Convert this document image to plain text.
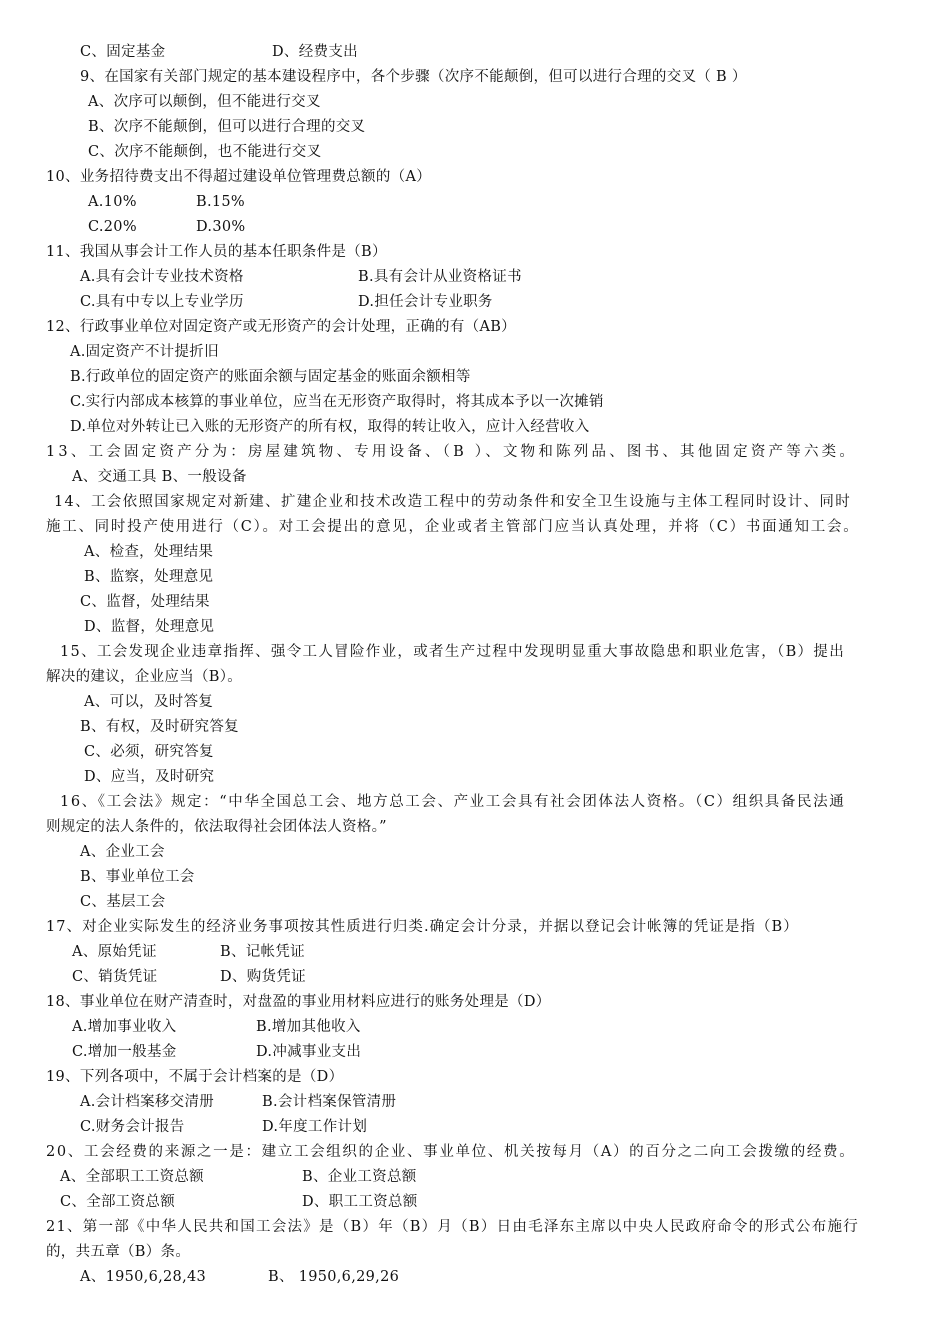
C、固定基金	D、经费支出
9、在国家有关部门规定的基本建设程序中，各个步骤（次序不能颠倒，但可以进行合理的交叉（ B ）
A、次序可以颠倒，但不能进行交叉
B、次序不能颠倒，但可以进行合理的交叉
C、次序不能颠倒，也不能进行交叉
10、业务招待费支出不得超过建设单位管理费总额的（A）
A.10%	B.15%
C.20%	D.30%
11、我国从事会计工作人员的基本任职条件是（B）
A.具有会计专业技术资格	B.具有会计从业资格证书
C.具有中专以上专业学历	D.担任会计专业职务
12、行政事业单位对固定资产或无形资产的会计处理，正确的有（AB）
A.固定资产不计提折旧
B.行政单位的固定资产的账面余额与固定基金的账面余额相等
C.实行内部成本核算的事业单位，应当在无形资产取得时，将其成本予以一次摊销
D.单位对外转让已入账的无形资产的所有权，取得的转让收入，应计入经营收入
13、工会固定资产分为：房屋建筑物、专用设备、（B ）、文物和陈列品、图书、其他固定资产等六类。
A、交通工具 B、一般设备
14、工会依照国家规定对新建、扩建企业和技术改造工程中的劳动条件和安全卫生设施与主体工程同时设计、同时
施工、同时投产使用进行（C）。对工会提出的意见，企业或者主管部门应当认真处理，并将（C）书面通知工会。
A、检查，处理结果
B、监察，处理意见
C、监督，处理结果
D、监督，处理意见
15、工会发现企业违章指挥、强令工人冒险作业，或者生产过程中发现明显重大事故隐患和职业危害，（B）提出
解决的建议，企业应当（B）。
A、可以，及时答复
B、有权，及时研究答复
C、必须，研究答复
D、应当，及时研究
16、《工会法》规定：“中华全国总工会、地方总工会、产业工会具有社会团体法人资格。（C）组织具备民法通
则规定的法人条件的，依法取得社会团体法人资格。”
A、企业工会
B、事业单位工会
C、基层工会
17、对企业实际发生的经济业务事项按其性质进行归类.确定会计分录，并据以登记会计帐簿的凭证是指（B）
A、原始凭证	B、记帐凭证
C、销货凭证	D、购货凭证
18、事业单位在财产清查时，对盘盈的事业用材料应进行的账务处理是（D）
A.增加事业收入	B.增加其他收入
C.增加一般基金	D.冲减事业支出
19、下列各项中，不属于会计档案的是（D）
A.会计档案移交清册	B.会计档案保管清册
C.财务会计报告	D.年度工作计划
20、工会经费的来源之一是：建立工会组织的企业、事业单位、机关按每月（A）的百分之二向工会拨缴的经费。
A、全部职工工资总额	B、企业工资总额
C、全部工资总额	D、职工工资总额
21、第一部《中华人民共和国工会法》是（B）年（B）月（B）日由毛泽东主席以中央人民政府命令的形式公布施行
的，共五章（B）条。
A、1950,6,28,43	B、 1950,6,29,26
